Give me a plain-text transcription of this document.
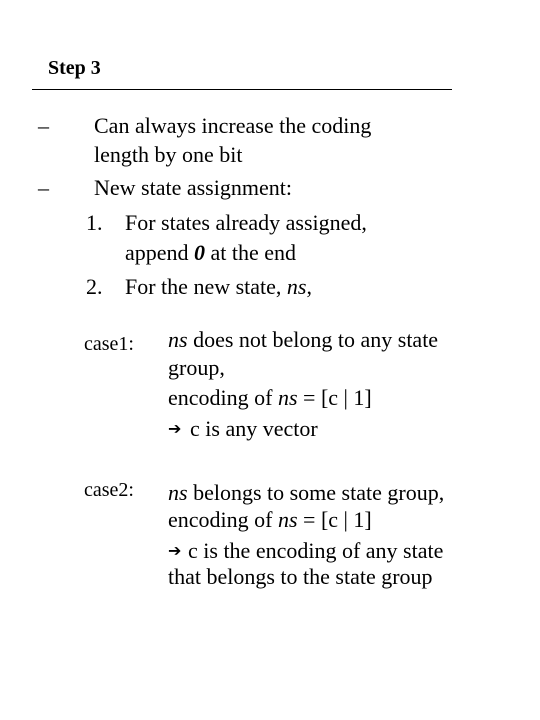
Step 3
– Can always increase the coding
length by one bit
– New state assignment:
1. For states already assigned,
append 0 at the end
2. For the new state, ns,
case1: ns does not belong to any state
group,
encoding of ns = [c | 1]
➔ c is any vector
case2: ns belongs to some state group,
encoding of ns = [c | 1]
➔ c is the encoding of any state
that belongs to the state group
